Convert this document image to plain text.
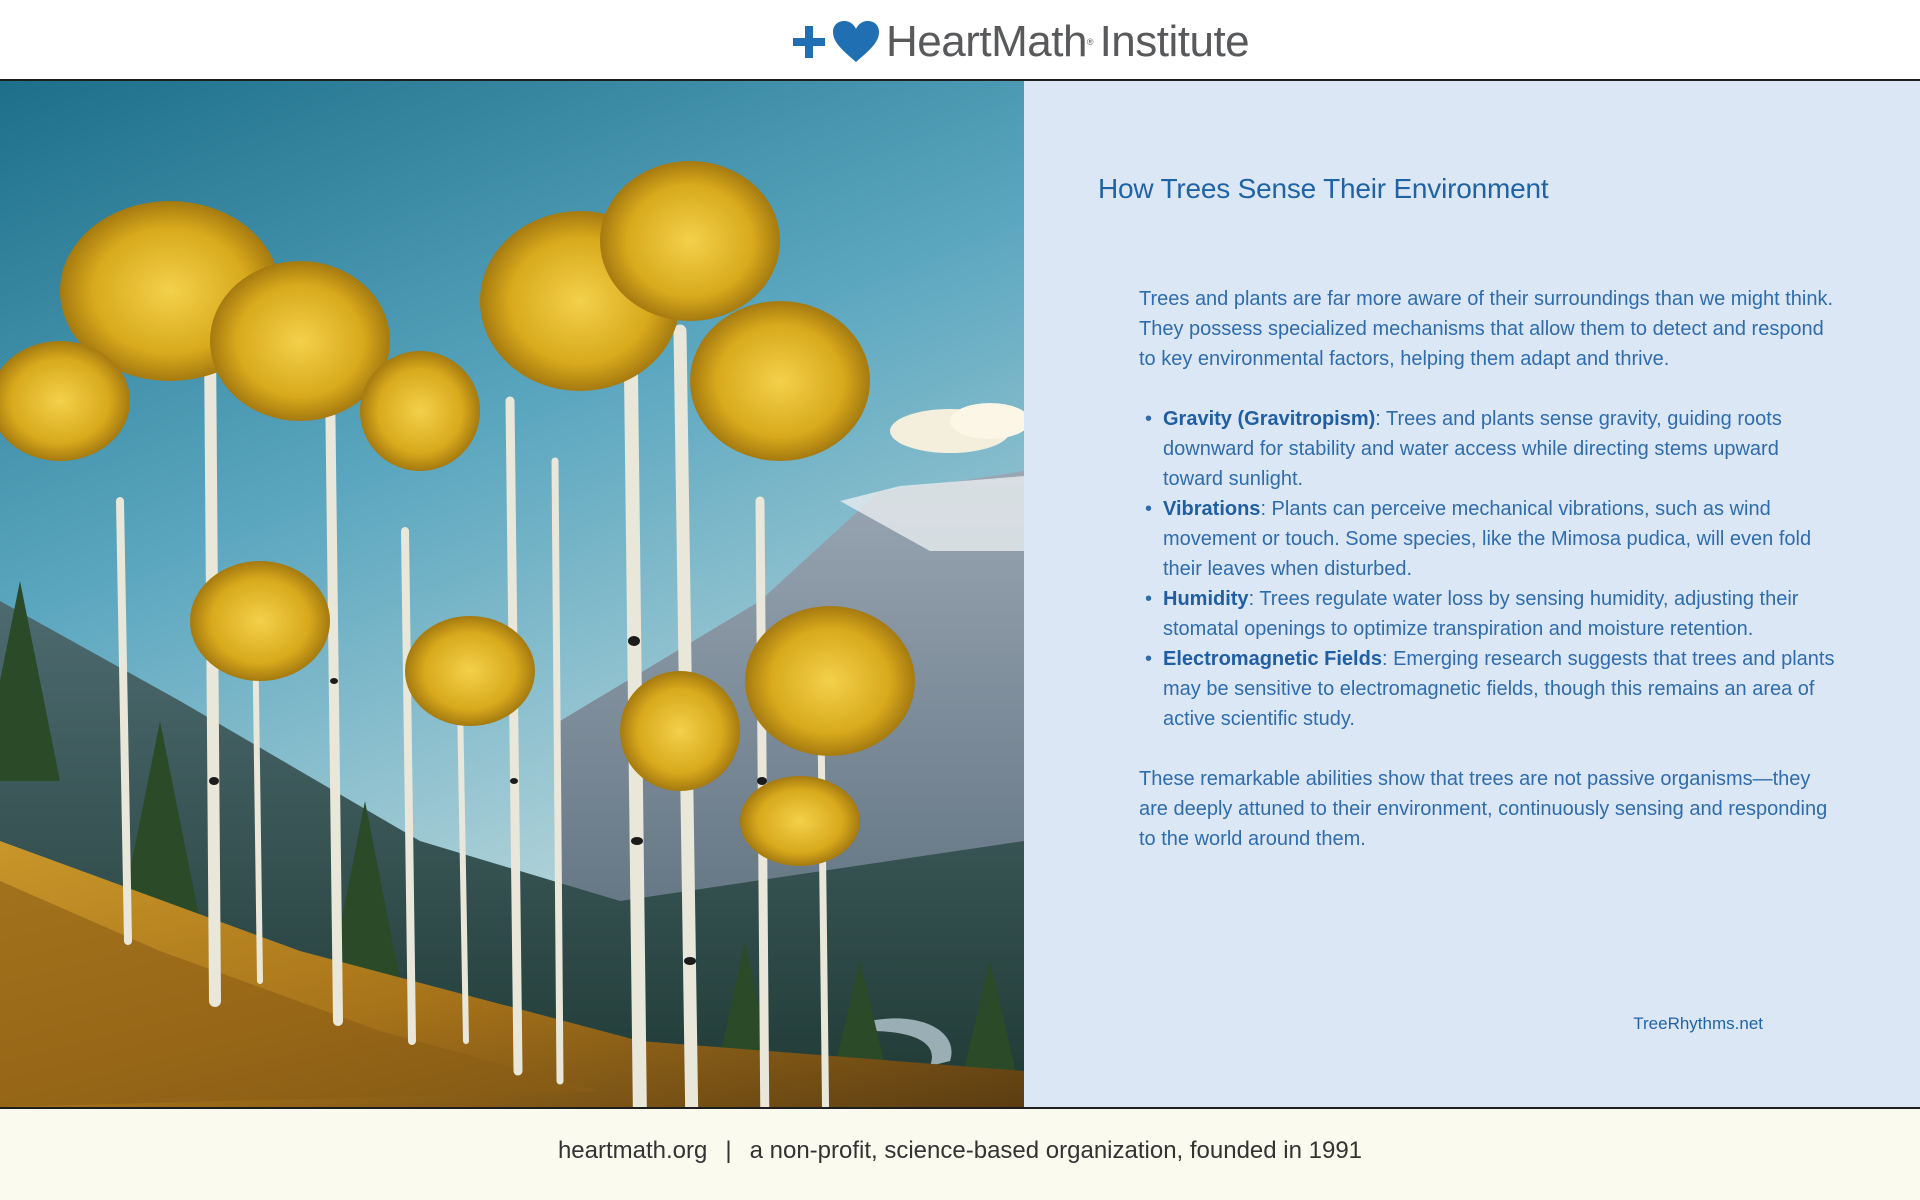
HeartMath ® Institute
How Trees Sense Their Environment

Trees and plants are far more aware of their surroundings than we might think. They possess specialized mechanisms that allow them to detect and respond to key environmental factors, helping them adapt and thrive.

• Gravity (Gravitropism): Trees and plants sense gravity, guiding roots downward for stability and water access while directing stems upward toward sunlight.
• Vibrations: Plants can perceive mechanical vibrations, such as wind movement or touch. Some species, like the Mimosa pudica, will even fold their leaves when disturbed.
• Humidity: Trees regulate water loss by sensing humidity, adjusting their stomatal openings to optimize transpiration and moisture retention.
• Electromagnetic Fields: Emerging research suggests that trees and plants may be sensitive to electromagnetic fields, though this remains an area of active scientific study.

These remarkable abilities show that trees are not passive organisms—they are deeply attuned to their environment, continuously sensing and responding to the world around them.

TreeRhythms.net
heartmath.org | a non-profit, science-based organization, founded in 1991
